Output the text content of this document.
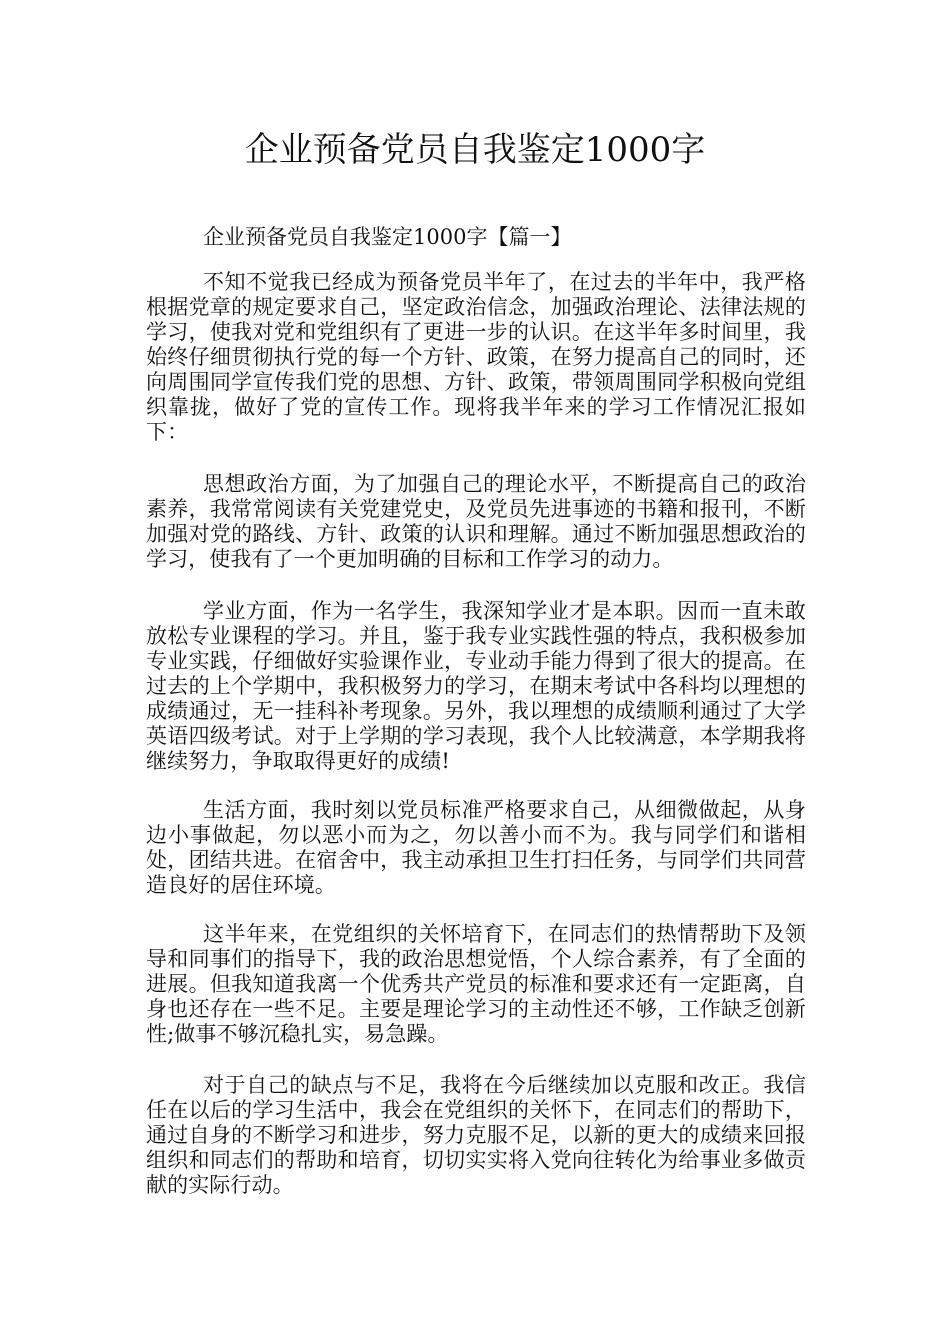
企业预备党员自我鉴定1000字

企业预备党员自我鉴定1000字【篇一】

不知不觉我已经成为预备党员半年了，在过去的半年中，我严格根据党章的规定要求自己，坚定政治信念，加强政治理论、法律法规的学习，使我对党和党组织有了更进一步的认识。在这半年多时间里，我始终仔细贯彻执行党的每一个方针、政策，在努力提高自己的同时，还向周围同学宣传我们党的思想、方针、政策，带领周围同学积极向党组织靠拢，做好了党的宣传工作。现将我半年来的学习工作情况汇报如下：

思想政治方面，为了加强自己的理论水平，不断提高自己的政治素养，我常常阅读有关党建党史，及党员先进事迹的书籍和报刊，不断加强对党的路线、方针、政策的认识和理解。通过不断加强思想政治的学习，使我有了一个更加明确的目标和工作学习的动力。

学业方面，作为一名学生，我深知学业才是本职。因而一直未敢放松专业课程的学习。并且，鉴于我专业实践性强的特点，我积极参加专业实践，仔细做好实验课作业，专业动手能力得到了很大的提高。在过去的上个学期中，我积极努力的学习，在期末考试中各科均以理想的成绩通过，无一挂科补考现象。另外，我以理想的成绩顺利通过了大学英语四级考试。对于上学期的学习表现，我个人比较满意，本学期我将继续努力，争取取得更好的成绩!

生活方面，我时刻以党员标准严格要求自己，从细微做起，从身边小事做起，勿以恶小而为之，勿以善小而不为。我与同学们和谐相处，团结共进。在宿舍中，我主动承担卫生打扫任务，与同学们共同营造良好的居住环境。

这半年来，在党组织的关怀培育下，在同志们的热情帮助下及领导和同事们的指导下，我的政治思想觉悟，个人综合素养，有了全面的进展。但我知道我离一个优秀共产党员的标准和要求还有一定距离，自身也还存在一些不足。主要是理论学习的主动性还不够，工作缺乏创新性;做事不够沉稳扎实，易急躁。

对于自己的缺点与不足，我将在今后继续加以克服和改正。我信任在以后的学习生活中，我会在党组织的关怀下，在同志们的帮助下，通过自身的不断学习和进步，努力克服不足，以新的更大的成绩来回报组织和同志们的帮助和培育，切切实实将入党向往转化为给事业多做贡献的实际行动。
